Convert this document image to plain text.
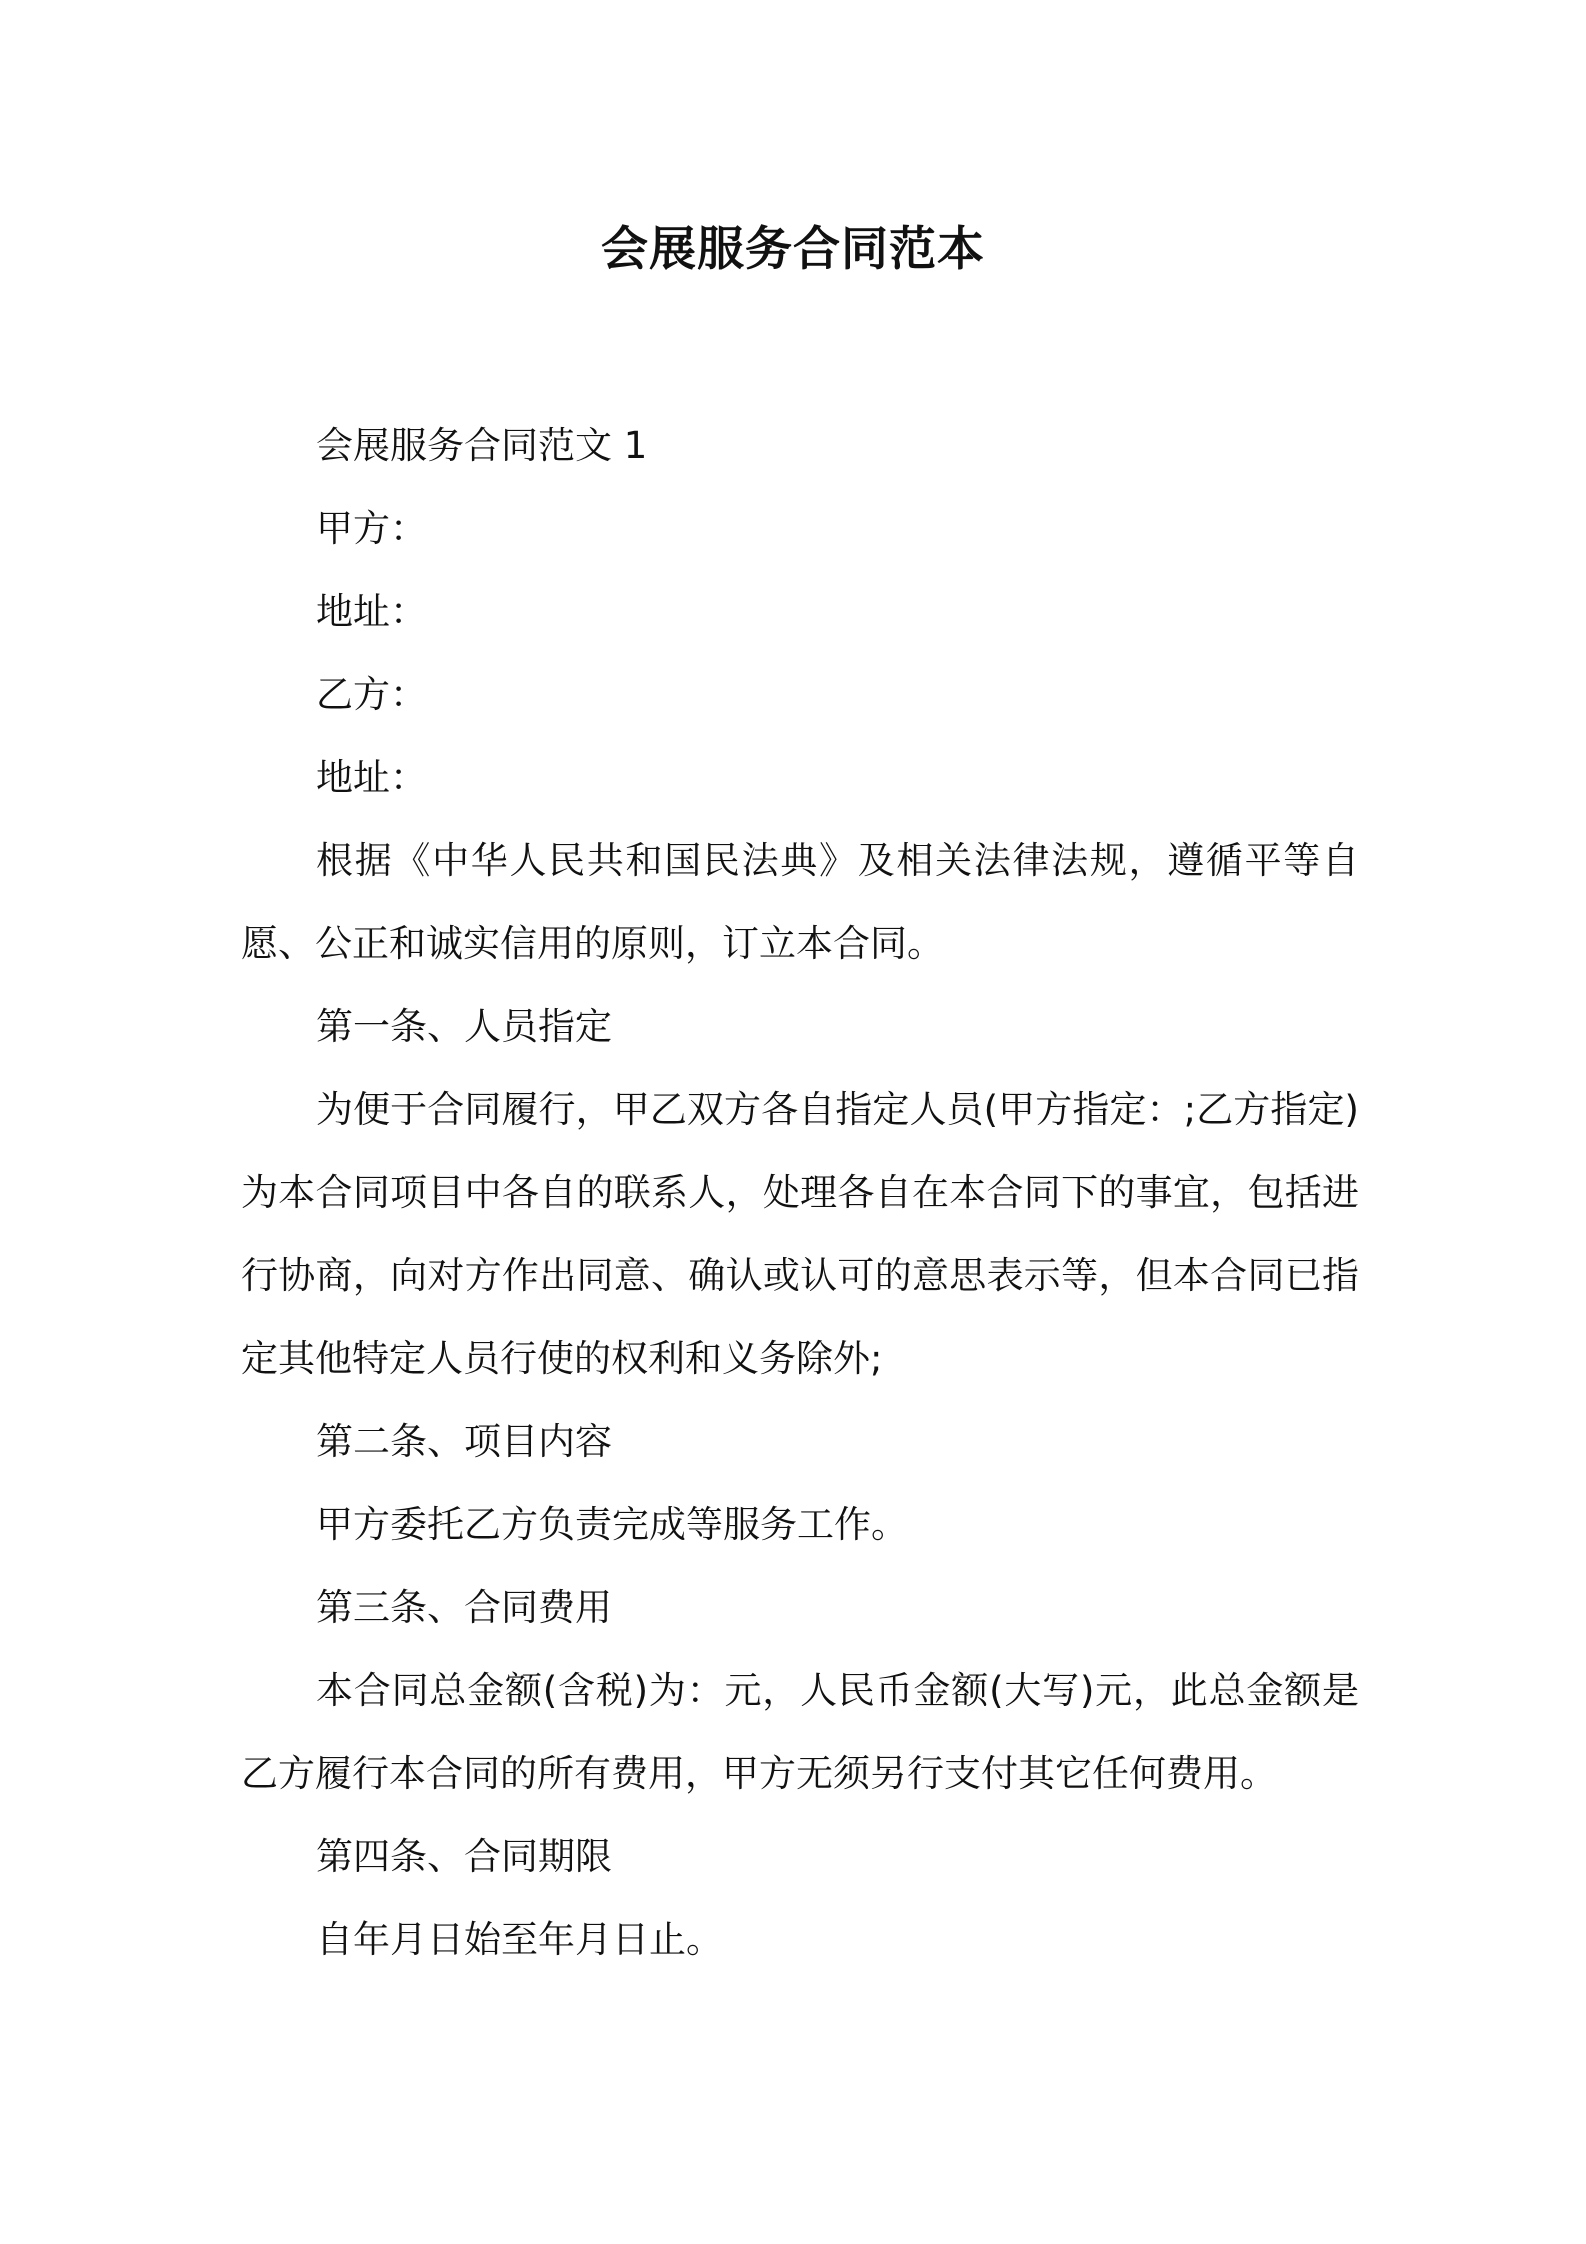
会展服务合同范本

会展服务合同范文 1

甲方：

地址：

乙方：

地址：

根据《中华人民共和国民法典》及相关法律法规，遵循平等自愿、公正和诚实信用的原则，订立本合同。

第一条、人员指定

为便于合同履行，甲乙双方各自指定人员(甲方指定：;乙方指定)为本合同项目中各自的联系人，处理各自在本合同下的事宜，包括进行协商，向对方作出同意、确认或认可的意思表示等，但本合同已指定其他特定人员行使的权利和义务除外;

第二条、项目内容

甲方委托乙方负责完成等服务工作。

第三条、合同费用

本合同总金额(含税)为：元，人民币金额(大写)元，此总金额是乙方履行本合同的所有费用，甲方无须另行支付其它任何费用。

第四条、合同期限

自年月日始至年月日止。
